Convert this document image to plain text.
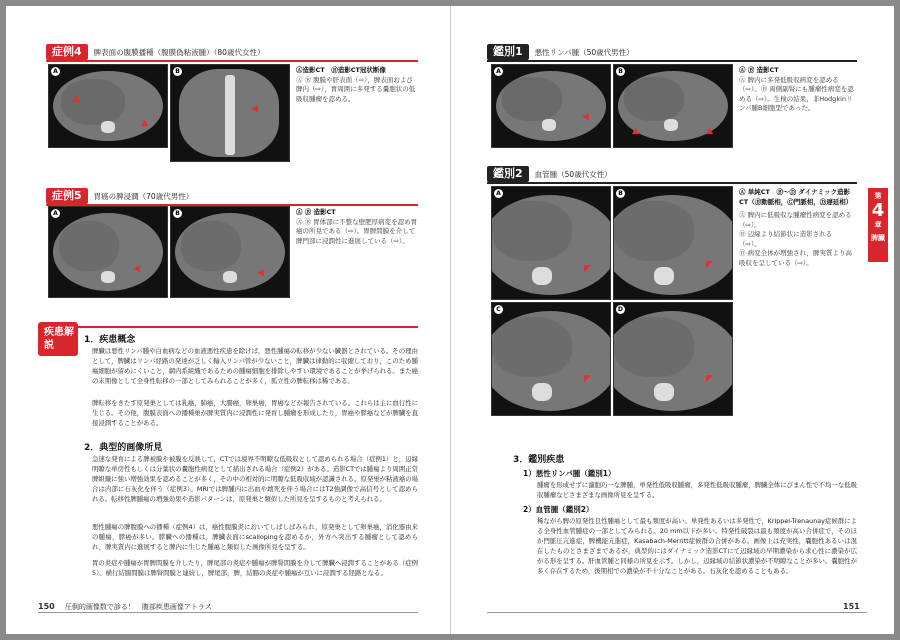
症例4	脾表面の腹膜播種（腹膜偽粘液腫）（80歳代女性）
A
▲
▲
B
◀
Ⓐ造影CT　Ⓑ造影CT冠状断像
Ⓐ Ⓑ 腹膜や肝表面（⇨），脾表面および脾内（⇨），胃周囲に多発する嚢胞状の低吸収腫瘤を認める。
症例5	胃癌の脾浸潤（70歳代男性）
A
◀
B
◀
Ⓐ Ⓑ 造影CT
Ⓐ Ⓑ 胃体部に不整な壁肥厚病変を認め胃癌の所見である（⇨）。胃脾間膜を介して脾門部に浸潤性に進展している（⇨）。
疾患解説	1．疾患概念
脾臓は悪性リンパ腫や白血病などの血液悪性疾患を除けば，悪性腫瘍の転移が少ない臓器とされている。その理由として，脾臓はリンパ経路の発達が乏しく輸入リンパ管が少ないこと，脾臓は律動的に収縮しており，このため腫瘍細胞が留めにくいこと，網内系組織であるための腫瘍細胞を排除しやすい環境であることが挙げられる。また癌の末期像として全身性転移の一部としてみられることが多く，孤立性の脾転移は稀である。
脾転移をきたす原発巣としては乳癌，肺癌，大腸癌，卵巣癌，胃癌などが報告されている。これらは主に血行性に生じる。その他，腹膜表面への播種巣が脾実質内に浸潤性に発育し腫瘤を形成したり，胃癌や膵癌などが脾臓を直接浸潤することがある。
2．典型的画像所見
急速な発育による脾被膜や被膜を反映して，CTでは境界不明瞭な低吸収として認められる場合（症例1）と，辺縁明瞭な単房性もしくは分葉状の嚢胞性病変として描出される場合（症例2）がある。造影CTでは腫瘍より周囲正常脾組織に強い増強効果を認めることが多く，その中の相対的に明瞭な低吸収域が認識される。原発巣が粘液癌の場合は内部に石灰化を伴う（症例3）。MRIでは脾腫内に出血や壊死を伴う場合にはT2強調像で高信号として認められる。転移性脾腫瘍の増強効果や造影パターンは，原発巣と類似した所見を呈するものと考えられる。
悪性腫瘍の脾腹膜への播種（症例4）は，癌性腹膜炎においてしばしばみられ，原発巣として卵巣癌，消化器由来の腫瘍，膵癌が多い。膵臓への播種は，脾臓表面にscallopingを認めるか，外方へ突出する腫瘤として認められ，脾実質内に進展すると脾内に生じた腫瘍と類似した画像所見を呈する。
胃の炎症や腫瘍が胃脾間膜を介したり，脾尾部の炎症や腫瘍が脾腎間膜を介して脾臓へ浸潤することがある（症例5）。横行結腸間膜は脾腎間膜と連続し，脾尾部，脾，結腸の炎症や腫瘍が互いに浸潤する経路となる。
150 圧倒的画像数で診る！　腹部疾患画像アトラス
鑑別1	悪性リンパ腫（50歳代男性）
A
◀
B
▲	▲
Ⓐ Ⓑ 造影CT
Ⓐ 脾内に多発低吸収病変を認める（⇨）。Ⓑ 両側副腎にも腫瘤性病変を認める（⇨）。生検の結果，非Hodgkinリンパ腫B細胞型であった。
鑑別2	血管腫（50歳代女性）
A
◤
B
◤
C
◤
D
◤
Ⓐ 単純CT　Ⓑ〜Ⓓ ダイナミック造影CT（Ⓑ動脈相，Ⓒ門脈相，Ⓓ遅延相）
Ⓐ 脾内に低吸収な腫瘤性病変を認める（⇨）。
Ⓑ 辺縁より結節状に造影される（⇨）。
Ⓓ 病変全体が増強され，脾実質より高吸収を呈している（⇨）。
3．鑑別疾患
1）悪性リンパ腫（鑑別1）
腫瘤を形成せずに濾胞巧一な脾腫，単発性低吸収腫瘤，多発性低吸収腫瘤，脾臓全体にびまん性で不均一な低吸収腫瘤などさまざまな画像所見を呈する。
2）血管腫（鑑別2）
稀ながら脾の原発性良性腫瘍として最も頻度が高い。単発性あるいは多発性で，Krippel-Trenaunay症候群による全身性血管腫症の一部としてみられる。20 mm以下が多い。特発性破裂は最も頻度が高い合併症で，そのほか門脈圧亢進症，脾機能亢進症，Kasabach-Merritt症候群の合併がある。画像上は充実性，嚢胞性あるいは混在したものとさまざまであるが，典型的にはダイナミック造影CTにて辺縁域の早期濃染から求心性に濃染が広がる形を呈する。肝血管腫と同様の所見を示す。しかし，辺縁域の結節状濃染が不明瞭なことが多い。嚢胞性が多く存在するため，後期相での濃染が不十分なことがある。石灰化を認めることもある。
151
第
4
章
脾臓
